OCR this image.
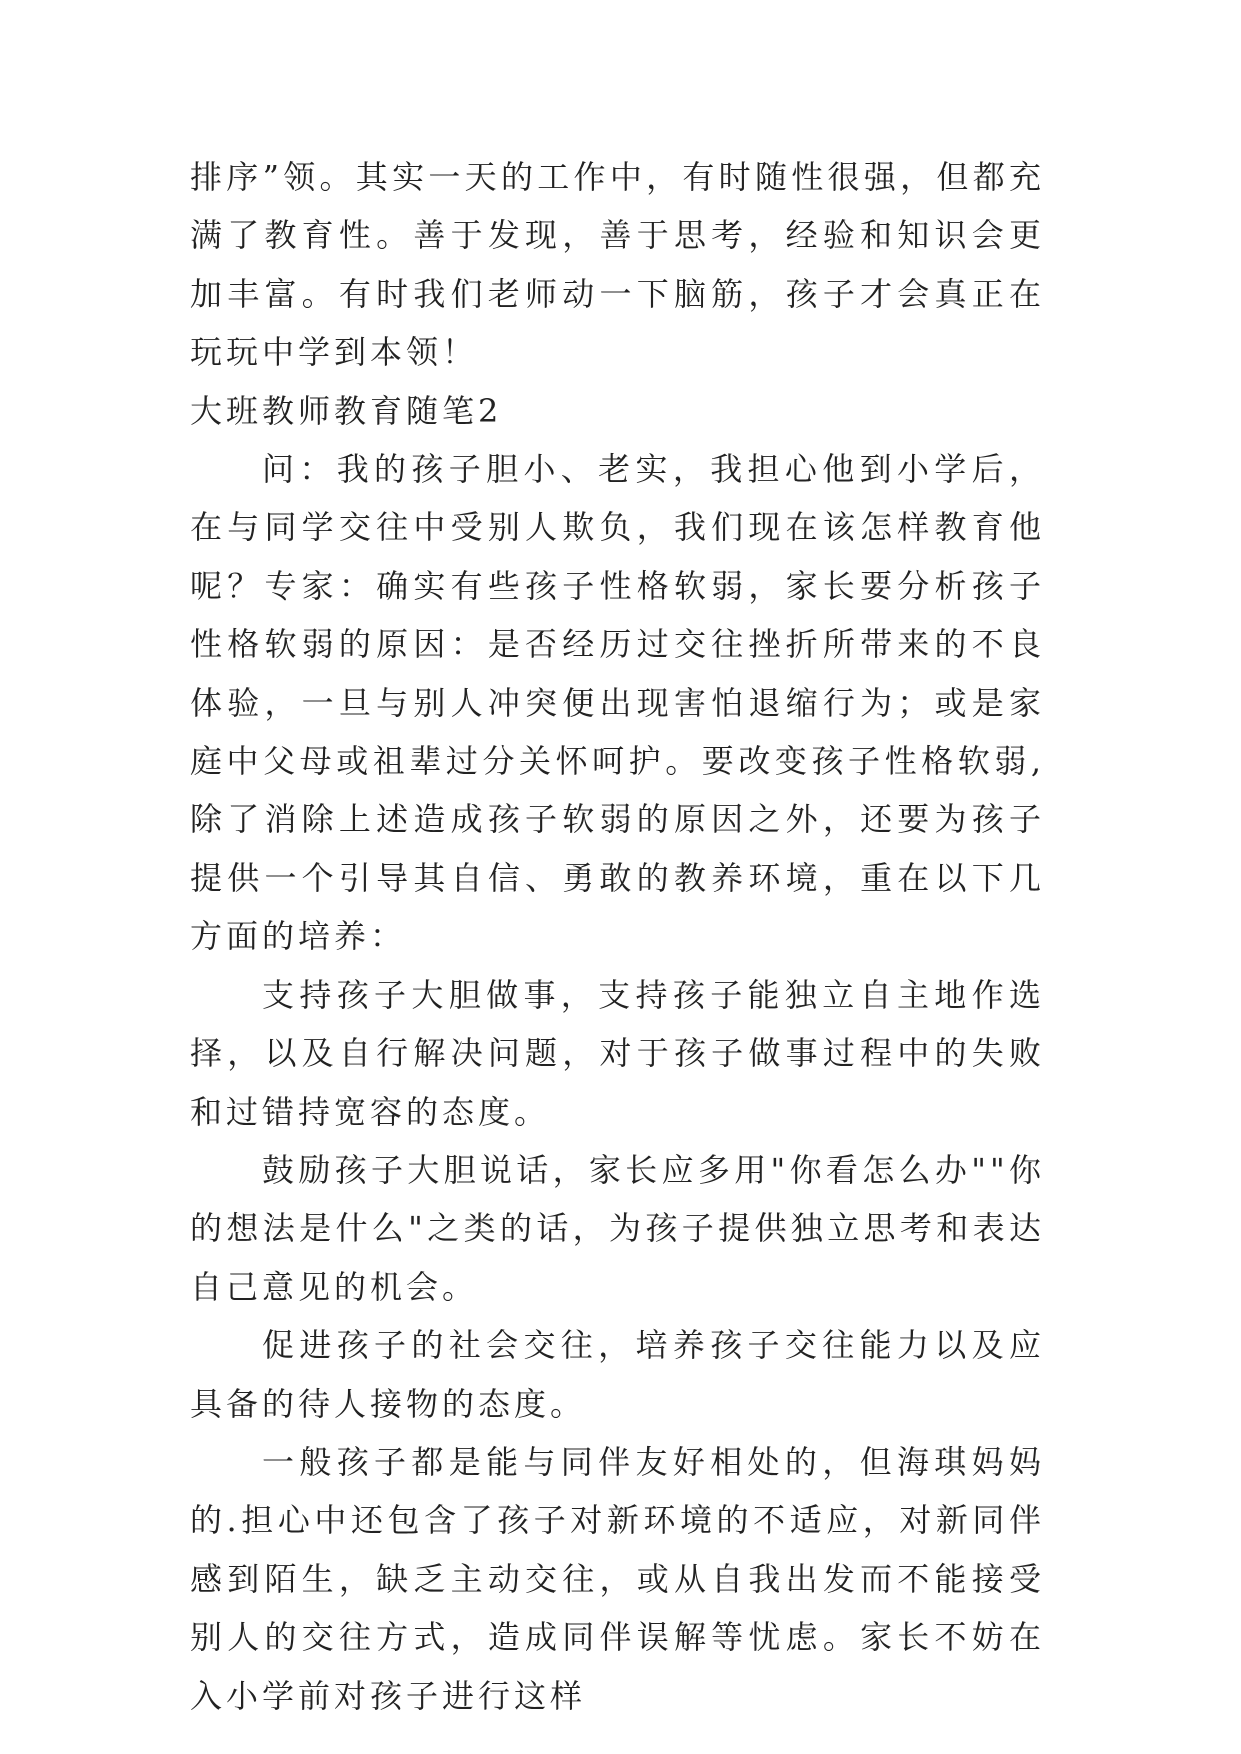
排序”领。其实一天的工作中，有时随性很强，但都充满了教育性。善于发现，善于思考，经验和知识会更加丰富。有时我们老师动一下脑筋，孩子才会真正在玩玩中学到本领！

大班教师教育随笔2

问：我的孩子胆小、老实，我担心他到小学后，在与同学交往中受别人欺负，我们现在该怎样教育他呢？专家：确实有些孩子性格软弱，家长要分析孩子性格软弱的原因：是否经历过交往挫折所带来的不良体验，一旦与别人冲突便出现害怕退缩行为；或是家庭中父母或祖辈过分关怀呵护。要改变孩子性格软弱,除了消除上述造成孩子软弱的原因之外，还要为孩子提供一个引导其自信、勇敢的教养环境，重在以下几方面的培养：

支持孩子大胆做事，支持孩子能独立自主地作选择，以及自行解决问题，对于孩子做事过程中的失败和过错持宽容的态度。

鼓励孩子大胆说话，家长应多用"你看怎么办""你的想法是什么"之类的话，为孩子提供独立思考和表达自己意见的机会。

促进孩子的社会交往，培养孩子交往能力以及应具备的待人接物的态度。

一般孩子都是能与同伴友好相处的，但海琪妈妈的.担心中还包含了孩子对新环境的不适应，对新同伴感到陌生，缺乏主动交往，或从自我出发而不能接受别人的交往方式，造成同伴误解等忧虑。家长不妨在入小学前对孩子进行这样
